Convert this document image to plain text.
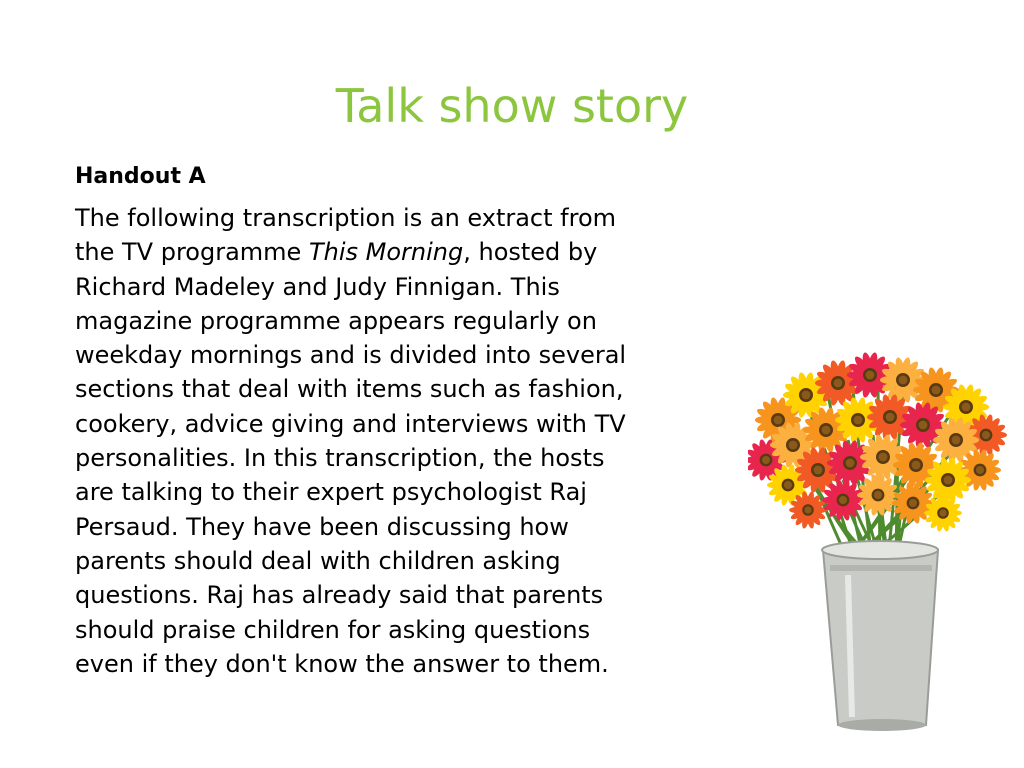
Talk show story
Handout A
The following transcription is an extract from
the TV programme This Morning, hosted by
Richard Madeley and Judy Finnigan. This
magazine programme appears regularly on
weekday mornings and is divided into several
sections that deal with items such as fashion,
cookery, advice giving and interviews with TV
personalities. In this transcription, the hosts
are talking to their expert psychologist Raj
Persaud. They have been discussing how
parents should deal with children asking
questions. Raj has already said that parents
should praise children for asking questions
even if they don't know the answer to them.
